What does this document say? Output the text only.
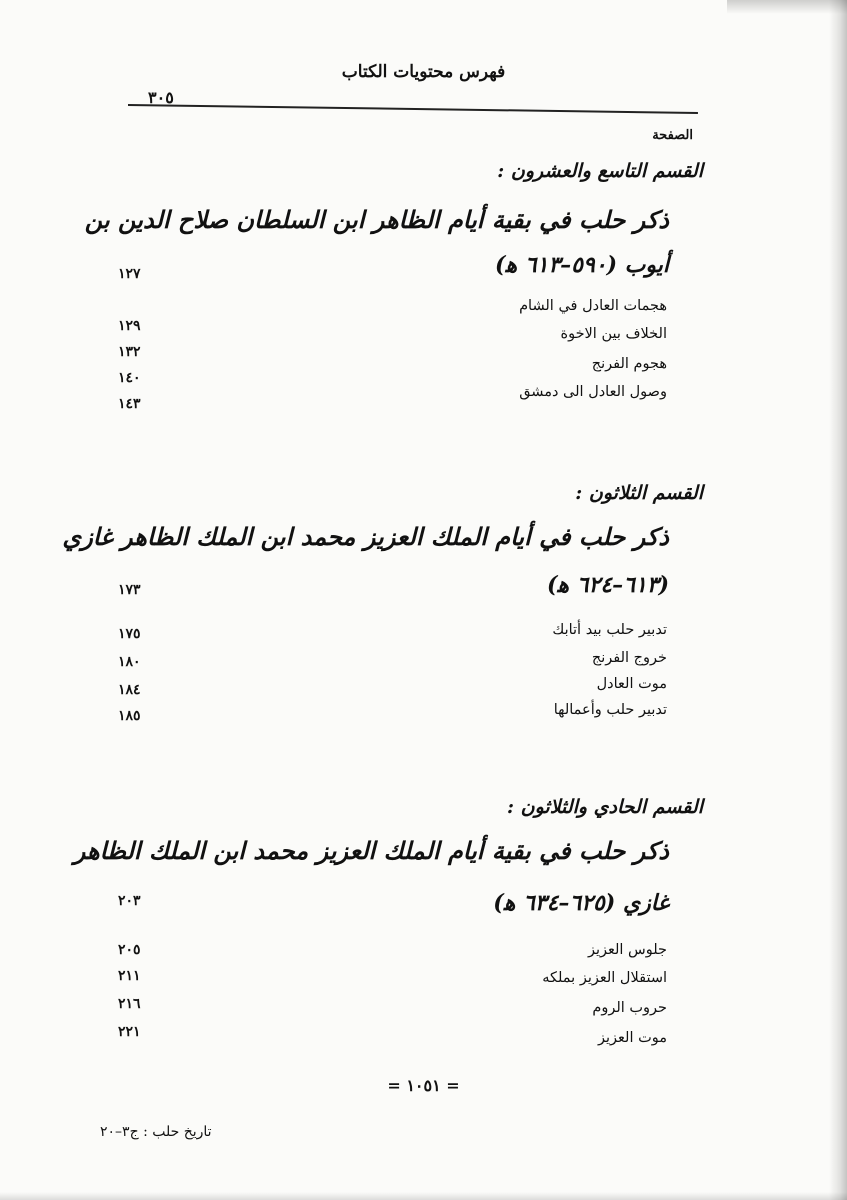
فهرس محتويات الكتاب
٣٠٥
الصفحة
القسم التاسع والعشرون :
ذكر حلب في بقية أيام الظاهر ابن السلطان صلاح الدين بن
أيوب (٥٩٠–٦١٣ ﻫ)
١٢٧
هجمات العادل في الشام
١٢٩	الخلاف بين الاخوة
١٣٢
هجوم الفرنج
١٤٠
وصول العادل الى دمشق
١٤٣
القسم الثلاثون :
ذكر حلب في أيام الملك العزيز محمد ابن الملك الظاهر غازي
(٦١٣–٦٢٤ ﻫ)
١٧٣
تدبير حلب بيد أتابك
١٧٥
خروج الفرنج
١٨٠
موت العادل
١٨٤
تدبير حلب وأعمالها
١٨٥
القسم الحادي والثلاثون :
ذكر حلب في بقية أيام الملك العزيز محمد ابن الملك الظاهر
غازي (٦٢٥–٦٣٤ ﻫ)
٢٠٣
جلوس العزيز
٢٠٥
استقلال العزيز بملكه
٢١١
حروب الروم
٢١٦
موت العزيز
٢٢١
= ١٠٥١ =
تاريخ حلب : ج٣–٢٠
